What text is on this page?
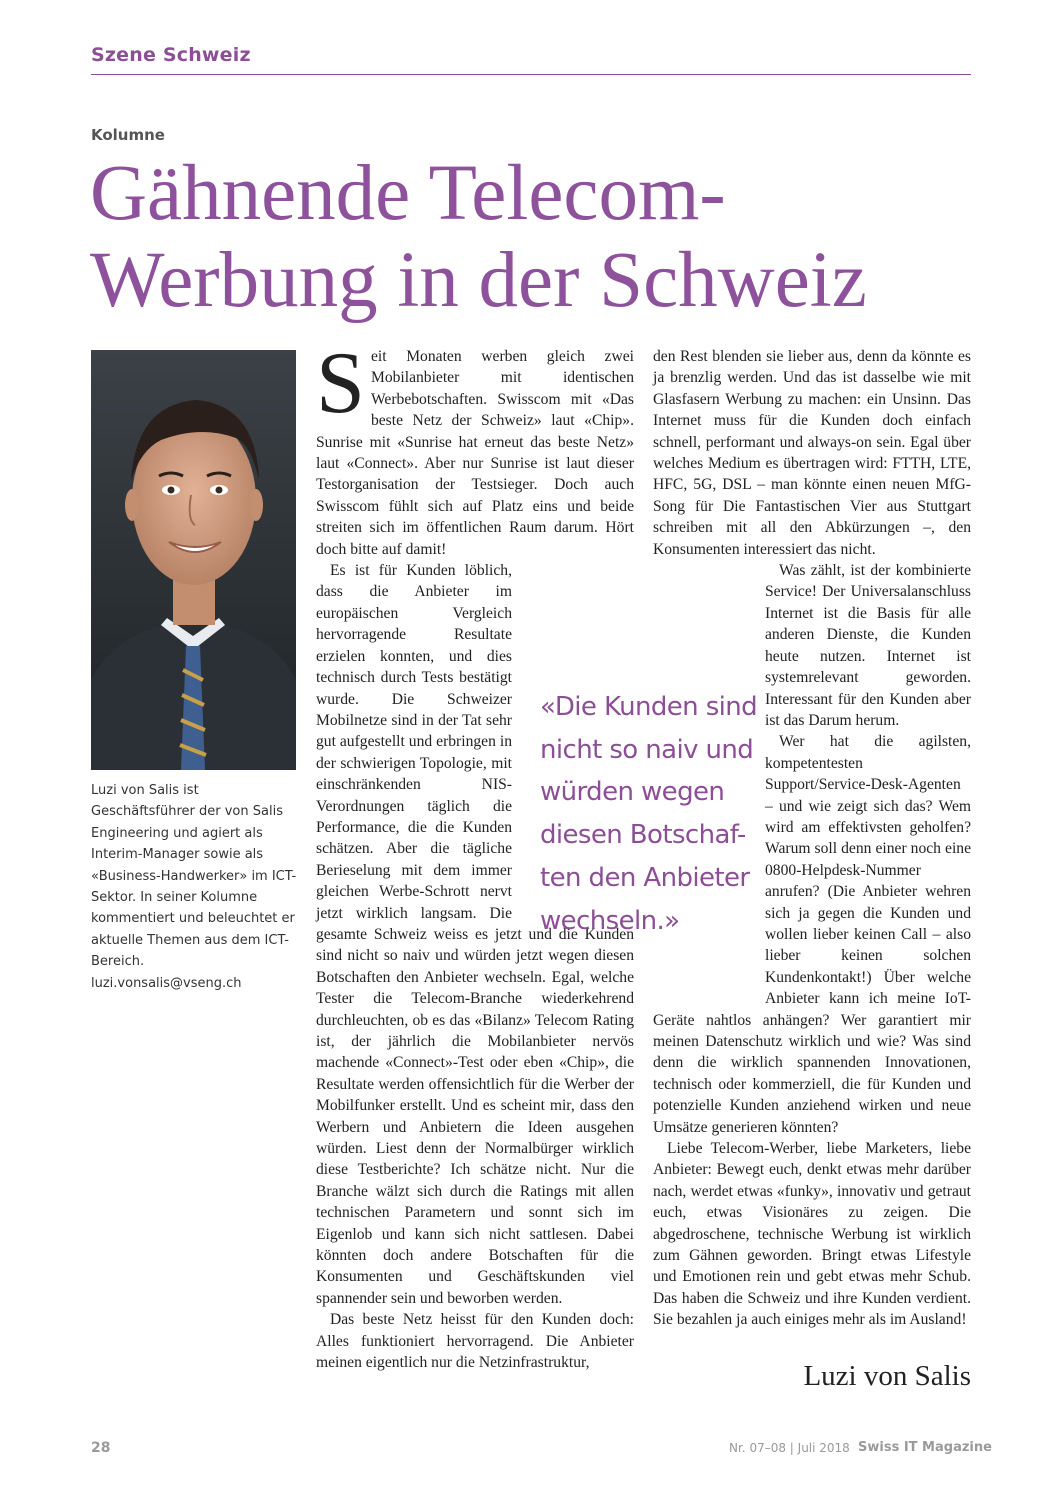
Szene Schweiz
Kolumne
Gähnende Telecom-
Werbung in der Schweiz

Luzi von Salis ist Geschäftsführer der von Salis Engineering und agiert als Interim-Manager sowie als «Business-Handwerker» im ICT-Sektor. In seiner Kolumne kommentiert und beleuchtet er aktuelle Themen aus dem ICT-Bereich.

luzi.vonsalis@vseng.ch

Seit Monaten werben gleich zwei Mobilanbieter mit identischen Werbebotschaften. Swisscom mit «Das beste Netz der Schweiz» laut «Chip». Sunrise mit «Sunrise hat erneut das beste Netz» laut «Connect». Aber nur Sunrise ist laut dieser Testorganisation der Testsieger. Doch auch Swisscom fühlt sich auf Platz eins und beide streiten sich im öffentlichen Raum darum. Hört doch bitte auf damit!

Es ist für Kunden löblich, dass die Anbieter im europäischen Vergleich hervorragende Resultate erzielen konnten, und dies technisch durch Tests bestätigt wurde. Die Schweizer Mobilnetze sind in der Tat sehr gut aufgestellt und erbringen in der schwierigen Topologie, mit einschränkenden NIS-Verordnungen täglich die Performance, die die Kunden schätzen. Aber die tägliche Berieselung mit dem immer gleichen Werbe-Schrott nervt jetzt wirklich langsam. Die gesamte Schweiz weiss es jetzt und die Kunden sind nicht so naiv und würden jetzt wegen diesen Botschaften den Anbieter wechseln. Egal, welche Tester die Telecom-Branche wiederkehrend durchleuchten, ob es das «Bilanz» Telecom Rating ist, der jährlich die Mobilanbieter nervös machende «Connect»-Test oder eben «Chip», die Resultate werden offensichtlich für die Werber der Mobilfunker erstellt. Und es scheint mir, dass den Werbern und Anbietern die Ideen ausgehen würden. Liest denn der Normalbürger wirklich diese Testberichte? Ich schätze nicht. Nur die Branche wälzt sich durch die Ratings mit allen technischen Parametern und sonnt sich im Eigenlob und kann sich nicht sattlesen. Dabei könnten doch andere Botschaften für die Konsumenten und Geschäftskunden viel spannender sein und beworben werden.

Das beste Netz heisst für den Kunden doch: Alles funktioniert hervorragend. Die Anbieter meinen eigentlich nur die Netzinfrastruktur,

den Rest blenden sie lieber aus, denn da könnte es ja brenzlig werden. Und das ist dasselbe wie mit Glasfasern Werbung zu machen: ein Unsinn. Das Internet muss für die Kunden doch einfach schnell, performant und always-on sein. Egal über welches Medium es übertragen wird: FTTH, LTE, HFC, 5G, DSL – man könnte einen neuen MfG-Song für Die Fantastischen Vier aus Stuttgart schreiben mit all den Abkürzungen –, den Konsumenten interessiert das nicht.

Was zählt, ist der kombinierte Service! Der Universalanschluss Internet ist die Basis für alle anderen Dienste, die Kunden heute nutzen. Internet ist systemrelevant geworden. Interessant für den Kunden aber ist das Darum herum.

Wer hat die agilsten, kompetentesten Support/Service-Desk-Agenten – und wie zeigt sich das? Wem wird am effektivsten geholfen? Warum soll denn einer noch eine 0800-Helpdesk-Nummer anrufen? (Die Anbieter wehren sich ja gegen die Kunden und wollen lieber keinen Call – also lieber keinen solchen Kundenkontakt!) Über welche Anbieter kann ich meine IoT-Geräte nahtlos anhängen? Wer garantiert mir meinen Datenschutz wirklich und wie? Was sind denn die wirklich spannenden Innovationen, technisch oder kommerziell, die für Kunden und potenzielle Kunden anziehend wirken und neue Umsätze generieren könnten?

Liebe Telecom-Werber, liebe Marketers, liebe Anbieter: Bewegt euch, denkt etwas mehr darüber nach, werdet etwas «funky», innovativ und getraut euch, etwas Visionäres zu zeigen. Die abgedroschene, technische Werbung ist wirklich zum Gähnen geworden. Bringt etwas Lifestyle und Emotionen rein und gebt etwas mehr Schub. Das haben die Schweiz und ihre Kunden verdient. Sie bezahlen ja auch einiges mehr als im Ausland!

«Die Kunden sind
nicht so naiv und
würden wegen
diesen Botschaf-
ten den Anbieter
wechseln.»
Luzi von Salis
28	Nr. 07–08 | Juli 2018 Swiss IT Magazine
